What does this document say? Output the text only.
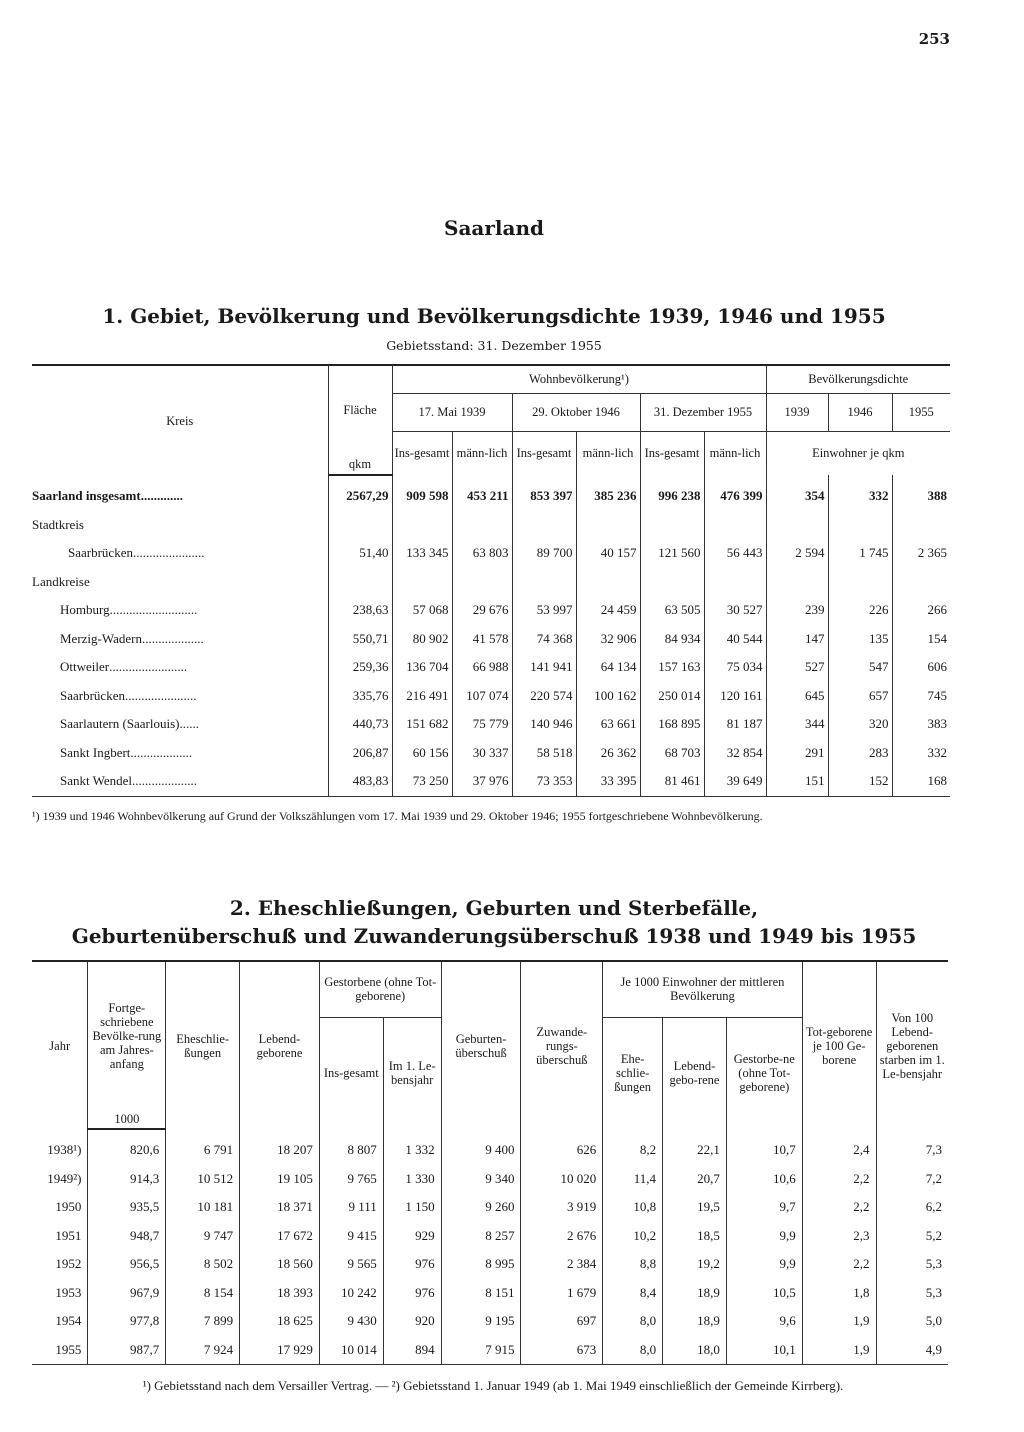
253
Saarland
1. Gebiet, Bevölkerung und Bevölkerungsdichte 1939, 1946 und 1955
Gebietsstand: 31. Dezember 1955
Kreis	Fläche	Wohnbevölkerung¹)						Bevölkerungsdichte		
		17. Mai 1939		29. Oktober 1946		31. Dezember 1955		1939	1946	1955
		Ins-gesamt	männ-lich	Ins-gesamt	männ-lich	Ins-gesamt	männ-lich	Einwohner je qkm		
	qkm									
Saarland insgesamt.............	2567,29	909 598	453 211	853 397	385 236	996 238	476 399	354	332	388
Stadtkreis										
Saarbrücken......................	51,40	133 345	63 803	89 700	40 157	121 560	56 443	2 594	1 745	2 365
Landkreise										
Homburg...........................	238,63	57 068	29 676	53 997	24 459	63 505	30 527	239	226	266
Merzig-Wadern...................	550,71	80 902	41 578	74 368	32 906	84 934	40 544	147	135	154
Ottweiler........................	259,36	136 704	66 988	141 941	64 134	157 163	75 034	527	547	606
Saarbrücken......................	335,76	216 491	107 074	220 574	100 162	250 014	120 161	645	657	745
Saarlautern (Saarlouis)......	440,73	151 682	75 779	140 946	63 661	168 895	81 187	344	320	383
Sankt Ingbert...................	206,87	60 156	30 337	58 518	26 362	68 703	32 854	291	283	332
Sankt Wendel....................	483,83	73 250	37 976	73 353	33 395	81 461	39 649	151	152	168
¹) 1939 und 1946 Wohnbevölkerung auf Grund der Volkszählungen vom 17. Mai 1939 und 29. Oktober 1946; 1955 fortgeschriebene Wohnbevölkerung.
2. Eheschließungen, Geburten und Sterbefälle,
Geburtenüberschuß und Zuwanderungsüberschuß 1938 und 1949 bis 1955
Jahr	Fortge-schriebene Bevölke-rung am Jahres-anfang	Eheschlie-ßungen	Lebend-geborene	Gestorbene (ohne Tot-geborene)		Geburten-überschuß	Zuwande-rungs-überschuß	Je 1000 Einwohner der mittleren Bevölkerung			Tot-geborene je 100 Ge-borene	Von 100 Lebend-geborenen starben im 1. Le-bensjahr
				Ins-gesamt	Im 1. Le-bensjahr			Ehe-schlie-ßungen	Lebend-gebo-rene	Gestorbe-ne (ohne Tot-geborene)		
	1000											
1938¹)	820,6	6 791	18 207	8 807	1 332	9 400	626	8,2	22,1	10,7	2,4	7,3
1949²)	914,3	10 512	19 105	9 765	1 330	9 340	10 020	11,4	20,7	10,6	2,2	7,2
1950	935,5	10 181	18 371	9 111	1 150	9 260	3 919	10,8	19,5	9,7	2,2	6,2
1951	948,7	9 747	17 672	9 415	929	8 257	2 676	10,2	18,5	9,9	2,3	5,2
1952	956,5	8 502	18 560	9 565	976	8 995	2 384	8,8	19,2	9,9	2,2	5,3
1953	967,9	8 154	18 393	10 242	976	8 151	1 679	8,4	18,9	10,5	1,8	5,3
1954	977,8	7 899	18 625	9 430	920	9 195	697	8,0	18,9	9,6	1,9	5,0
1955	987,7	7 924	17 929	10 014	894	7 915	673	8,0	18,0	10,1	1,9	4,9
¹) Gebietsstand nach dem Versailler Vertrag. — ²) Gebietsstand 1. Januar 1949 (ab 1. Mai 1949 einschließlich der Gemeinde Kirrberg).
